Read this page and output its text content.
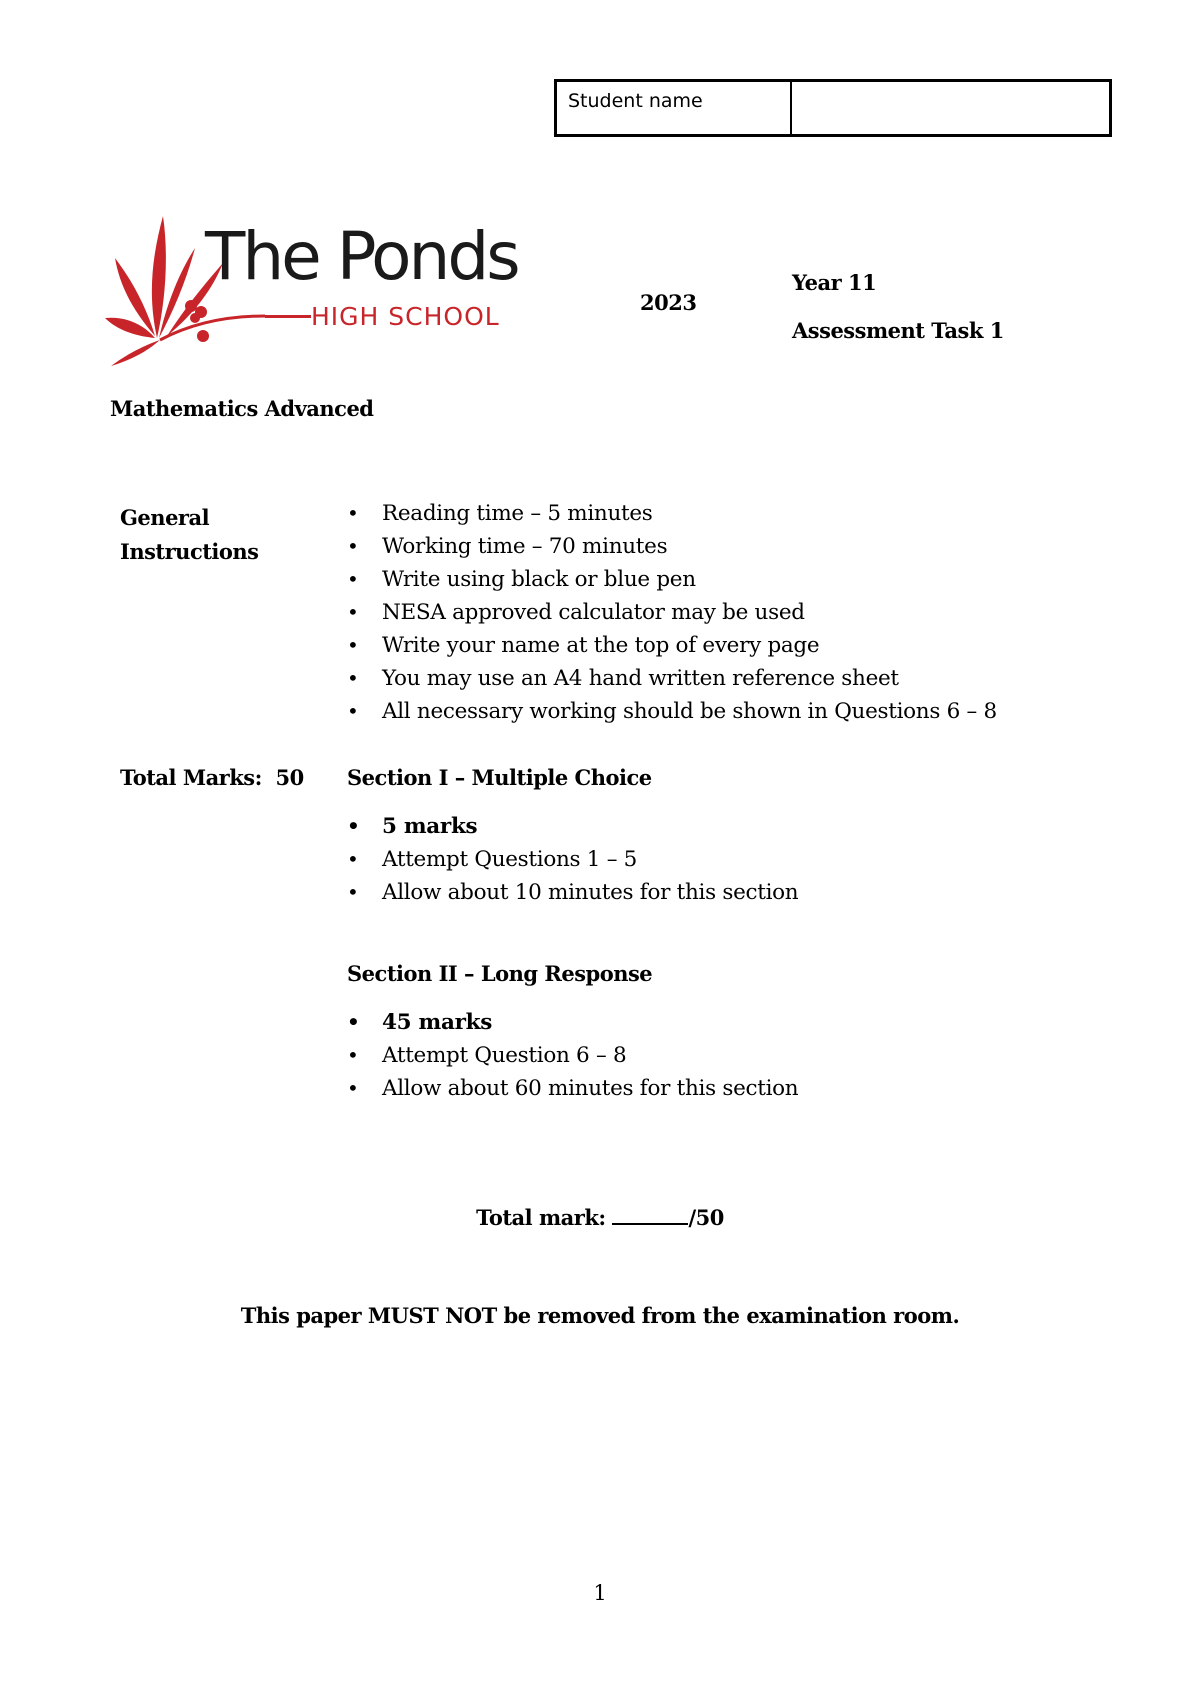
Student name
The Ponds
HIGH SCHOOL	2023
Year 11
Assessment Task 1
Mathematics Advanced
General
Instructions
• Reading time – 5 minutes
• Working time – 70 minutes
• Write using black or blue pen
• NESA approved calculator may be used
• Write your name at the top of every page
• You may use an A4 hand written reference sheet
• All necessary working should be shown in Questions 6 – 8
Total Marks:  50 Section I – Multiple Choice
• 5 marks
• Attempt Questions 1 – 5
• Allow about 10 minutes for this section
Section II – Long Response
• 45 marks
• Attempt Question 6 – 8
• Allow about 60 minutes for this section
Total mark:	/50
This paper MUST NOT be removed from the examination room.
1
